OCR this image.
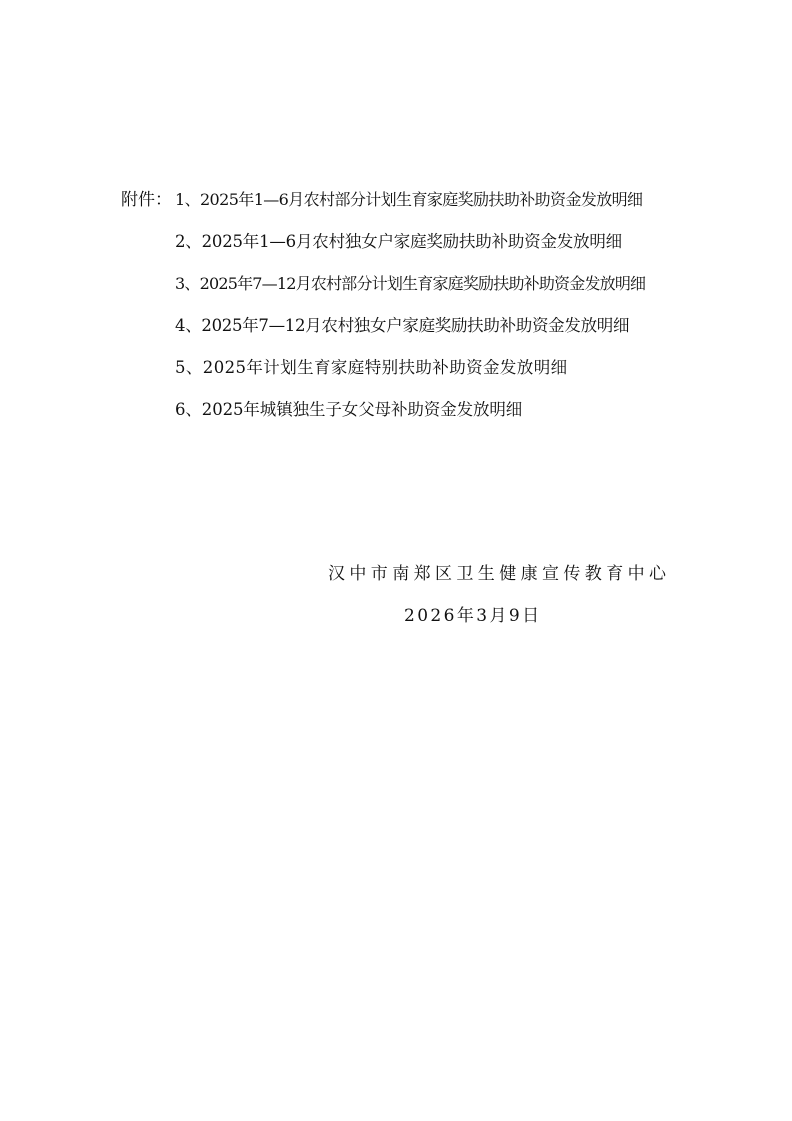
附件： 1、2025年1—6月农村部分计划生育家庭奖励扶助补助资金发放明细
2、2025年1—6月农村独女户家庭奖励扶助补助资金发放明细
3、2025年7—12月农村部分计划生育家庭奖励扶助补助资金发放明细
4、2025年7—12月农村独女户家庭奖励扶助补助资金发放明细
5、2025年计划生育家庭特别扶助补助资金发放明细
6、2025年城镇独生子女父母补助资金发放明细
汉中市南郑区卫生健康宣传教育中心
2026年3月9日
